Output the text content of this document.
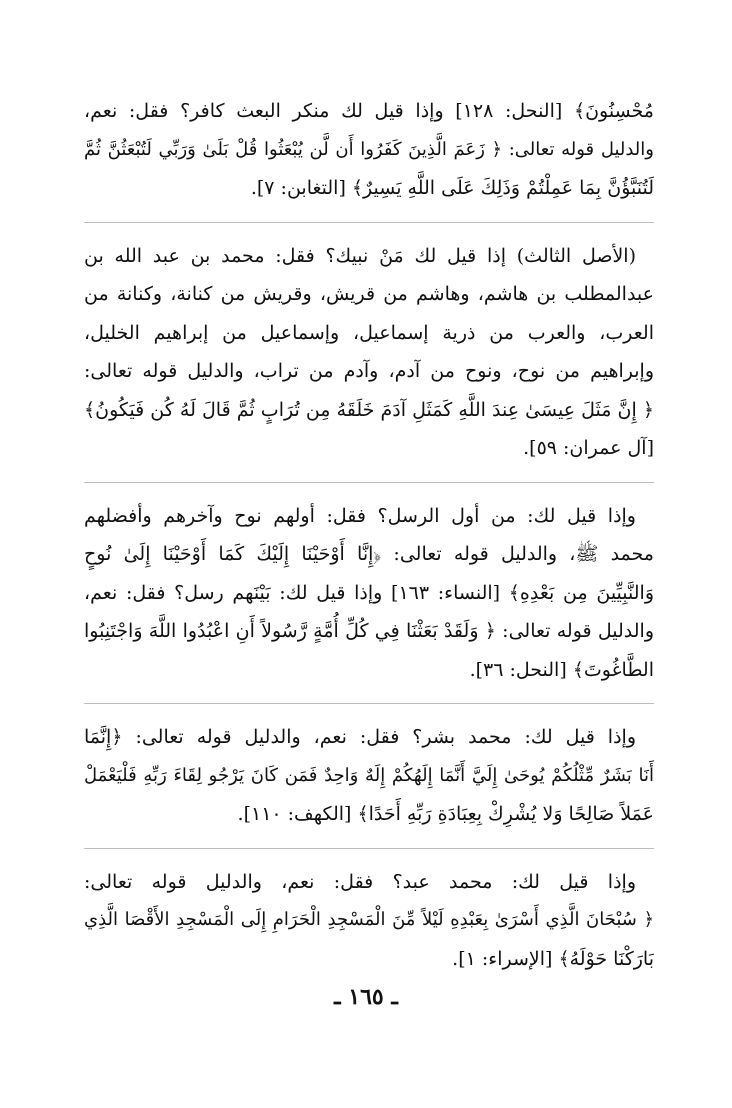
مُحْسِنُونَ﴾ [النحل: ١٢٨] وإذا قيل لك منكر البعث كافر؟ فقل: نعم،
والدليل قوله تعالى: ﴿ زَعَمَ الَّذِينَ كَفَرُوا أَن لَّن يُبْعَثُوا قُلْ بَلَىٰ وَرَبِّي لَتُبْعَثُنَّ ثُمَّ
لَتُنَبَّؤُنَّ بِمَا عَمِلْتُمْ وَذَلِكَ عَلَى اللَّهِ يَسِيرٌ﴾ [التغابن: ٧].
(الأصل الثالث) إذا قيل لك مَنْ نبيك؟ فقل: محمد بن عبد الله بن
عبدالمطلب بن هاشم، وهاشم من قريش، وقريش من كنانة، وكنانة من
العرب، والعرب من ذرية إسماعيل، وإسماعيل من إبراهيم الخليل،
وإبراهيم من نوح، ونوح من آدم، وآدم من تراب، والدليل قوله تعالى:
﴿ إِنَّ مَثَلَ عِيسَىٰ عِندَ اللَّهِ كَمَثَلِ آدَمَ خَلَقَهُ مِن تُرَابٍ ثُمَّ قَالَ لَهُ كُن فَيَكُونُ﴾
[آل عمران: ٥٩].
وإذا قيل لك: من أول الرسل؟ فقل: أولهم نوح وآخرهم وأفضلهم
محمد ﷺ، والدليل قوله تعالى: ﴿إِنَّا أَوْحَيْنَا إِلَيْكَ كَمَا أَوْحَيْنَا إِلَىٰ نُوحٍ
وَالنَّبِيِّينَ مِن بَعْدِهِ﴾ [النساء: ١٦٣] وإذا قيل لك: بَيْنَهم رسل؟ فقل: نعم،
والدليل قوله تعالى: ﴿ وَلَقَدْ بَعَثْنَا فِي كُلِّ أُمَّةٍ رَّسُولاً أَنِ اعْبُدُوا اللَّهَ وَاجْتَنِبُوا
الطَّاغُوتَ﴾ [النحل: ٣٦].
وإذا قيل لك: محمد بشر؟ فقل: نعم، والدليل قوله تعالى: ﴿إِنَّمَا
أَنَا بَشَرٌ مِّثْلُكُمْ يُوحَىٰ إِلَيَّ أَنَّمَا إِلَهُكُمْ إِلَهٌ وَاحِدٌ فَمَن كَانَ يَرْجُو لِقَاءَ رَبِّهِ فَلْيَعْمَلْ
عَمَلاً صَالِحًا وَلا يُشْرِكْ بِعِبَادَةِ رَبِّهِ أَحَدًا﴾ [الكهف: ١١٠].
وإذا قيل لك: محمد عبد؟ فقل: نعم، والدليل قوله تعالى:
﴿ سُبْحَانَ الَّذِي أَسْرَىٰ بِعَبْدِهِ لَيْلاً مِّنَ الْمَسْجِدِ الْحَرَامِ إِلَى الْمَسْجِدِ الأَقْصَا الَّذِي
بَارَكْنَا حَوْلَهُ﴾ [الإسراء: ١].
ـ ١٦٥ ـ
